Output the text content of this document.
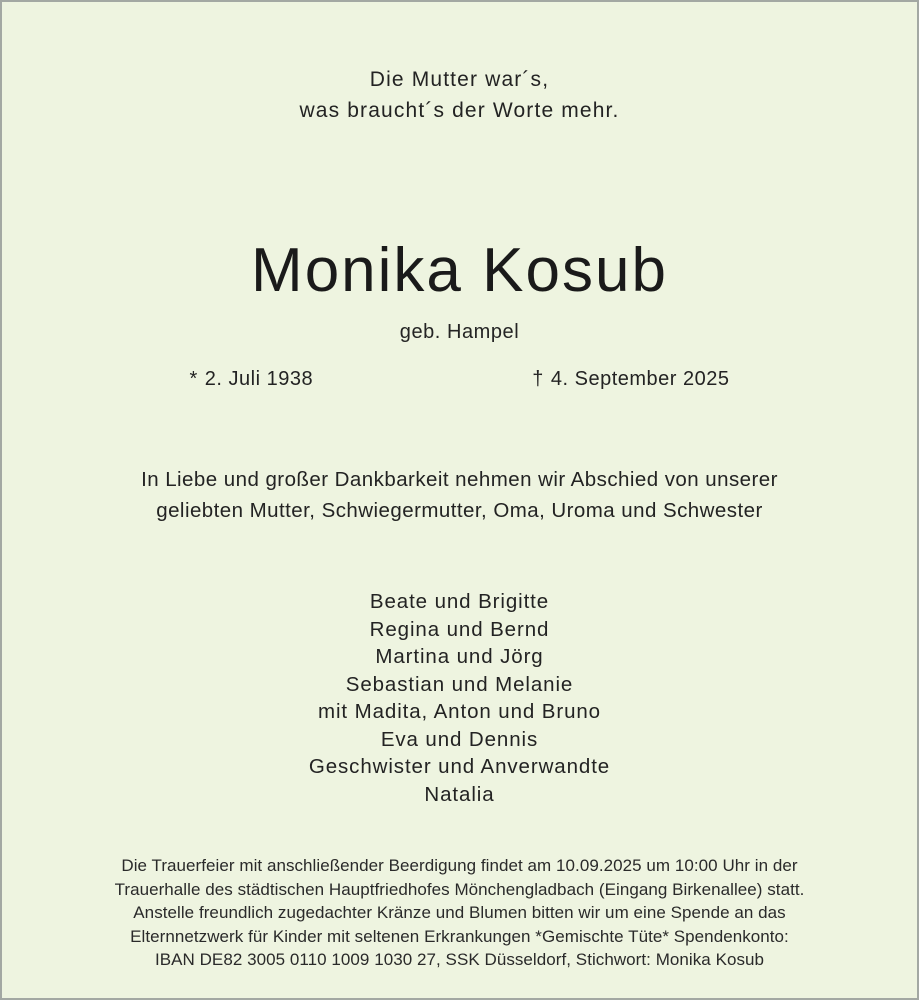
Die Mutter war´s,
was braucht´s der Worte mehr.
Monika Kosub
geb. Hampel
* 2. Juli 1938	† 4. September 2025
In Liebe und großer Dankbarkeit nehmen wir Abschied von unserer
geliebten Mutter, Schwiegermutter, Oma, Uroma und Schwester
Beate und Brigitte
Regina und Bernd
Martina und Jörg
Sebastian und Melanie
mit Madita, Anton und Bruno
Eva und Dennis
Geschwister und Anverwandte
Natalia
Die Trauerfeier mit anschließender Beerdigung findet am 10.09.2025 um 10:00 Uhr in der
Trauerhalle des städtischen Hauptfriedhofes Mönchengladbach (Eingang Birkenallee) statt.
Anstelle freundlich zugedachter Kränze und Blumen bitten wir um eine Spende an das
Elternnetzwerk für Kinder mit seltenen Erkrankungen *Gemischte Tüte* Spendenkonto:
IBAN DE82 3005 0110 1009 1030 27, SSK Düsseldorf, Stichwort: Monika Kosub
